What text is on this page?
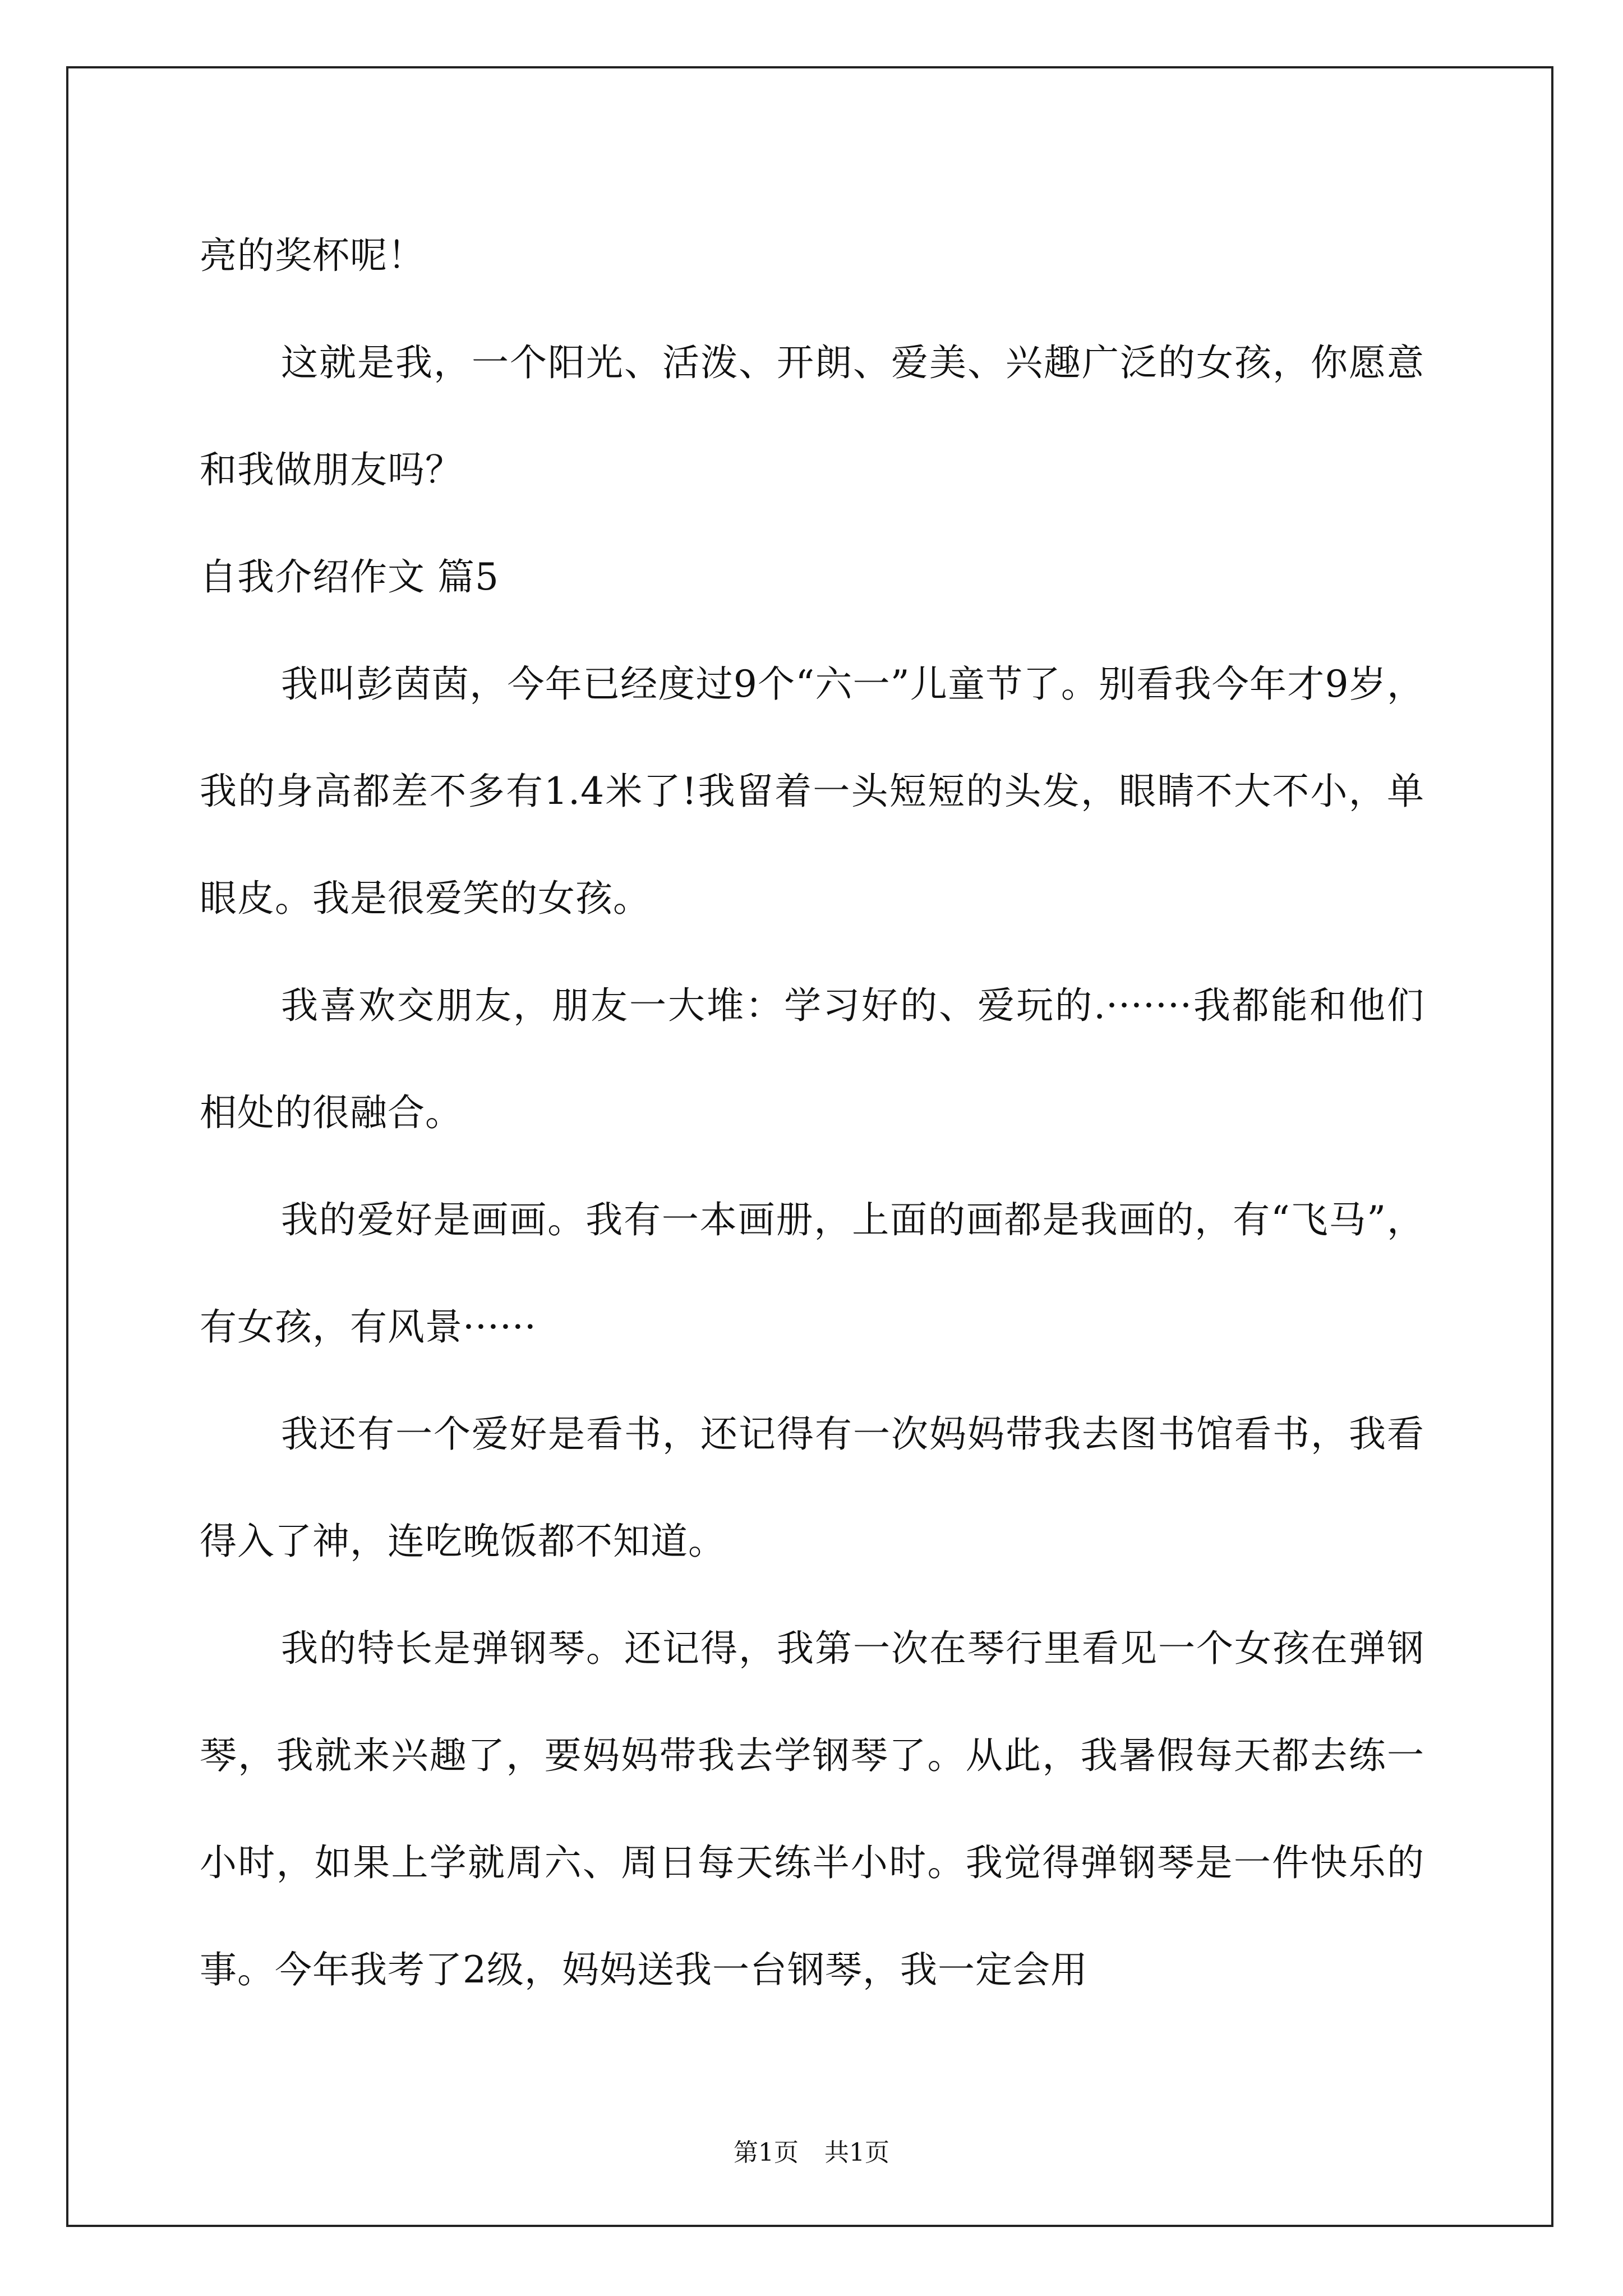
亮的奖杯呢！

这就是我，一个阳光、活泼、开朗、爱美、兴趣广泛的女孩，你愿意和我做朋友吗？

自我介绍作文 篇5

我叫彭茵茵，今年已经度过9个“六一”儿童节了。别看我今年才9岁，我的身高都差不多有1.4米了!我留着一头短短的头发，眼睛不大不小，单眼皮。我是很爱笑的女孩。

我喜欢交朋友，朋友一大堆：学习好的、爱玩的.·······我都能和他们相处的很融合。

我的爱好是画画。我有一本画册，上面的画都是我画的，有“飞马”， 有女孩，有风景······

我还有一个爱好是看书，还记得有一次妈妈带我去图书馆看书，我看得入了神，连吃晚饭都不知道。

我的特长是弹钢琴。还记得，我第一次在琴行里看见一个女孩在弹钢琴，我就来兴趣了，要妈妈带我去学钢琴了。从此，我暑假每天都去练一小时，如果上学就周六、周日每天练半小时。我觉得弹钢琴是一件快乐的事。今年我考了2级，妈妈送我一台钢琴，我一定会用

第1页 共1页
